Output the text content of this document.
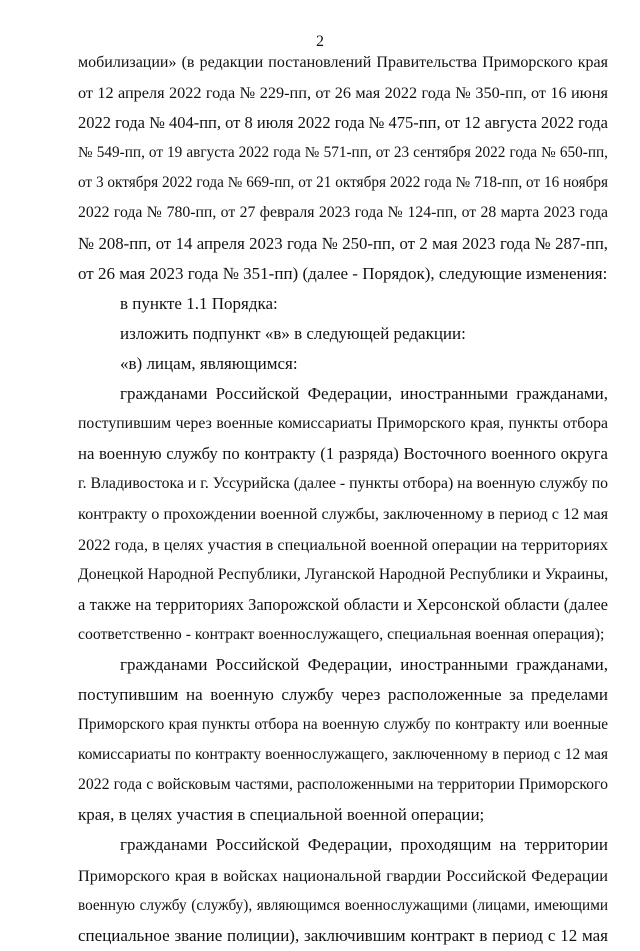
2
мобилизации» (в редакции постановлений Правительства Приморского края
от 12 апреля 2022 года № 229-пп, от 26 мая 2022 года № 350-пп, от 16 июня
2022 года № 404-пп, от 8 июля 2022 года № 475-пп, от 12 августа 2022 года
№ 549-пп, от 19 августа 2022 года № 571-пп, от 23 сентября 2022 года № 650-пп,
от 3 октября 2022 года № 669-пп, от 21 октября 2022 года № 718-пп, от 16 ноября
2022 года № 780-пп, от 27 февраля 2023 года № 124-пп, от 28 марта 2023 года
№ 208-пп, от 14 апреля 2023 года № 250-пп, от 2 мая 2023 года № 287-пп,
от 26 мая 2023 года № 351-пп) (далее - Порядок), следующие изменения:
в пункте 1.1 Порядка:
изложить подпункт «в» в следующей редакции:
«в) лицам, являющимся:
гражданами Российской Федерации, иностранными гражданами,
поступившим через военные комиссариаты Приморского края, пункты отбора
на военную службу по контракту (1 разряда) Восточного военного округа
г. Владивостока и г. Уссурийска (далее - пункты отбора) на военную службу по
контракту о прохождении военной службы, заключенному в период с 12 мая
2022 года, в целях участия в специальной военной операции на территориях
Донецкой Народной Республики, Луганской Народной Республики и Украины,
а также на территориях Запорожской области и Херсонской области (далее
соответственно - контракт военнослужащего, специальная военная операция);
гражданами Российской Федерации, иностранными гражданами,
поступившим на военную службу через расположенные за пределами
Приморского края пункты отбора на военную службу по контракту или военные
комиссариаты по контракту военнослужащего, заключенному в период с 12 мая
2022 года с войсковым частями, расположенными на территории Приморского
края, в целях участия в специальной военной операции;
гражданами Российской Федерации, проходящим на территории
Приморского края в войсках национальной гвардии Российской Федерации
военную службу (службу), являющимся военнослужащими (лицами, имеющими
специальное звание полиции), заключившим контракт в период с 12 мая
